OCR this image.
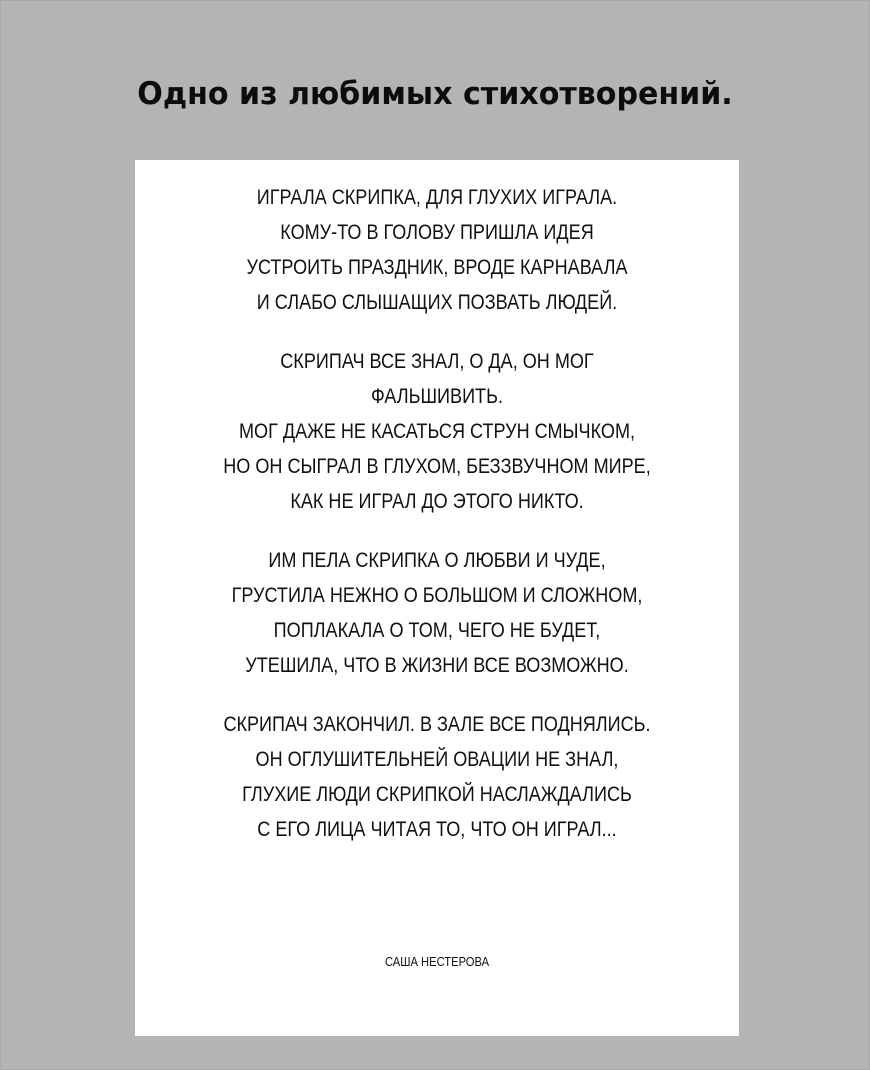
Одно из любимых стихотворений.
ИГРАЛА СКРИПКА, ДЛЯ ГЛУХИХ ИГРАЛА.
КОМУ-ТО В ГОЛОВУ ПРИШЛА ИДЕЯ
УСТРОИТЬ ПРАЗДНИК, ВРОДЕ КАРНАВАЛА
И СЛАБО СЛЫШАЩИХ ПОЗВАТЬ ЛЮДЕЙ.
СКРИПАЧ ВСЕ ЗНАЛ, О ДА, ОН МОГ
ФАЛЬШИВИТЬ.
МОГ ДАЖЕ НЕ КАСАТЬСЯ СТРУН СМЫЧКОМ,
НО ОН СЫГРАЛ В ГЛУХОМ, БЕЗЗВУЧНОМ МИРЕ,
КАК НЕ ИГРАЛ ДО ЭТОГО НИКТО.
ИМ ПЕЛА СКРИПКА О ЛЮБВИ И ЧУДЕ,
ГРУСТИЛА НЕЖНО О БОЛЬШОМ И СЛОЖНОМ,
ПОПЛАКАЛА О ТОМ, ЧЕГО НЕ БУДЕТ,
УТЕШИЛА, ЧТО В ЖИЗНИ ВСЕ ВОЗМОЖНО.
СКРИПАЧ ЗАКОНЧИЛ. В ЗАЛЕ ВСЕ ПОДНЯЛИСЬ.
ОН ОГЛУШИТЕЛЬНЕЙ ОВАЦИИ НЕ ЗНАЛ,
ГЛУХИЕ ЛЮДИ СКРИПКОЙ НАСЛАЖДАЛИСЬ
С ЕГО ЛИЦА ЧИТАЯ ТО, ЧТО ОН ИГРАЛ...
САША НЕСТЕРОВА
